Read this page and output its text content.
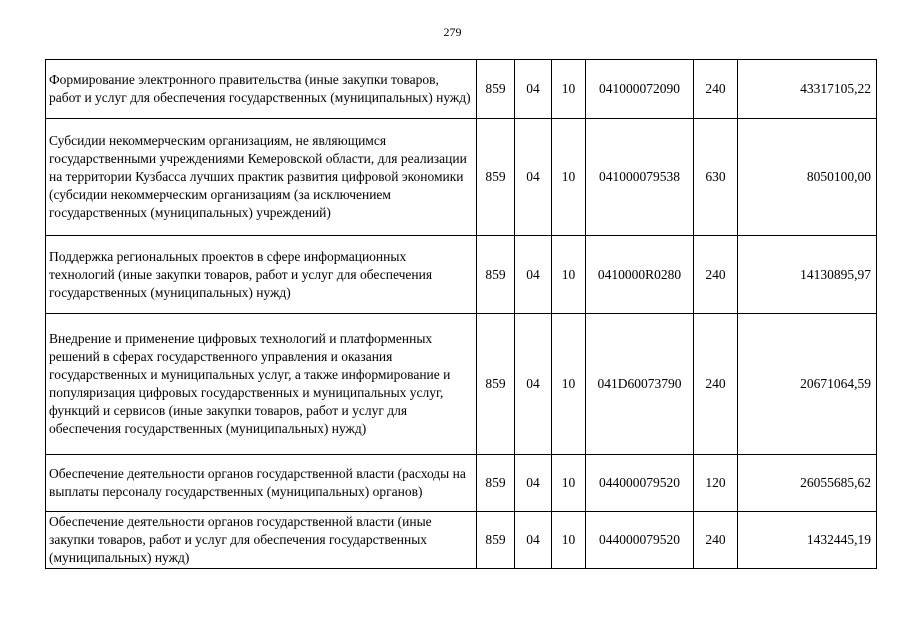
279
Формирование электронного правительства (иные закупки товаров, работ и услуг для обеспечения государственных (муниципальных) нужд)	859	04	10	041000072090	240	43317105,22
Субсидии некоммерческим организациям, не являющимся государственными учреждениями Кемеровской области, для реализации на территории Кузбасса лучших практик развития цифровой экономики (субсидии некоммерческим организациям (за исключением государственных (муниципальных) учреждений)	859	04	10	041000079538	630	8050100,00
Поддержка региональных проектов в сфере информационных технологий (иные закупки товаров, работ и услуг для обеспечения государственных (муниципальных) нужд)	859	04	10	0410000R0280	240	14130895,97
Внедрение и применение цифровых технологий и платформенных решений в сферах государственного управления и оказания государственных и муниципальных услуг, а также информирование и популяризация цифровых государственных и муниципальных услуг, функций и сервисов (иные закупки товаров, работ и услуг для обеспечения государственных (муниципальных) нужд)	859	04	10	041D60073790	240	20671064,59
Обеспечение деятельности органов государственной власти (расходы на выплаты персоналу государственных (муниципальных) органов)	859	04	10	044000079520	120	26055685,62
Обеспечение деятельности органов государственной власти (иные закупки товаров, работ и услуг для обеспечения государственных (муниципальных) нужд)	859	04	10	044000079520	240	1432445,19
